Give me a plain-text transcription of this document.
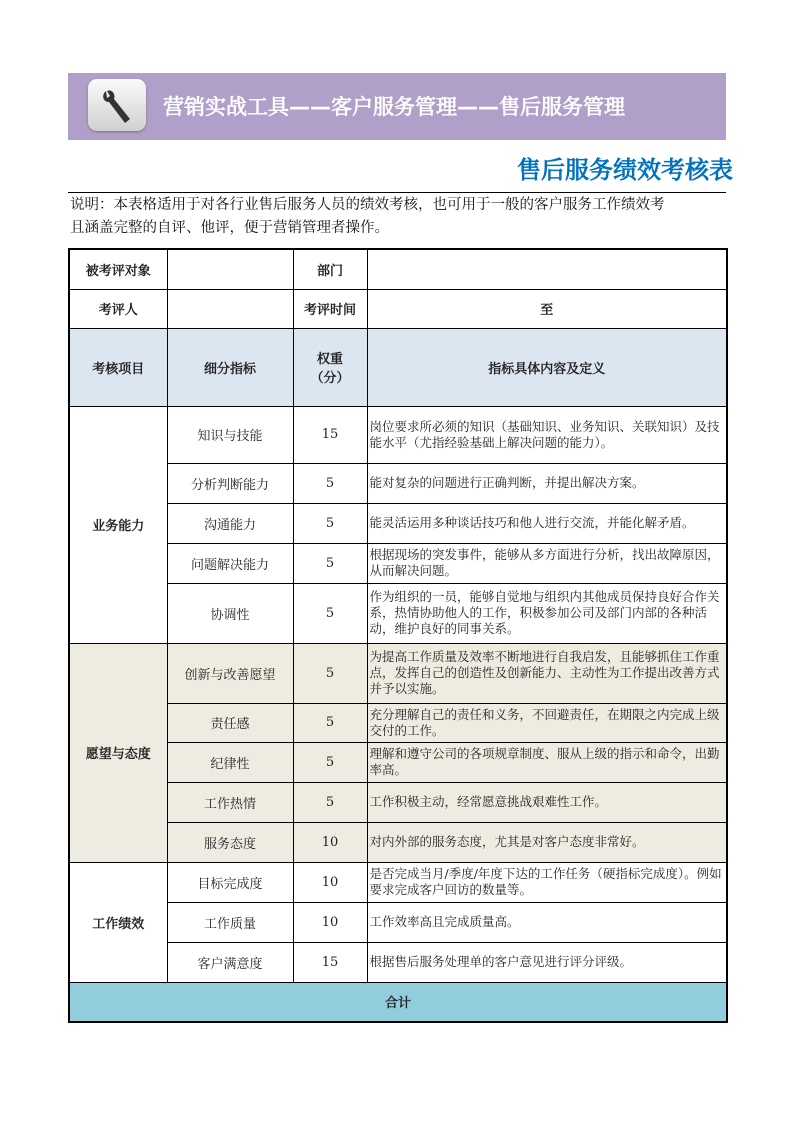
营销实战工具——客户服务管理——售后服务管理
售后服务绩效考核表
说明：本表格适用于对各行业售后服务人员的绩效考核，也可用于一般的客户服务工作绩效考
且涵盖完整的自评、他评，便于营销管理者操作。
被考评对象		部门	
考评人		考评时间	至
考核项目	细分指标	权重（分）	指标具体内容及定义
业务能力	知识与技能	15	岗位要求所必须的知识（基础知识、业务知识、关联知识）及技能水平（尤指经验基础上解决问题的能力）。
	分析判断能力	5	能对复杂的问题进行正确判断，并提出解决方案。
	沟通能力	5	能灵活运用多种谈话技巧和他人进行交流，并能化解矛盾。
	问题解决能力	5	根据现场的突发事件，能够从多方面进行分析，找出故障原因，从而解决问题。
	协调性	5	作为组织的一员，能够自觉地与组织内其他成员保持良好合作关系，热情协助他人的工作，积极参加公司及部门内部的各种活动，维护良好的同事关系。
愿望与态度	创新与改善愿望	5	为提高工作质量及效率不断地进行自我启发，且能够抓住工作重点，发挥自己的创造性及创新能力、主动性为工作提出改善方式并予以实施。
	责任感	5	充分理解自己的责任和义务，不回避责任，在期限之内完成上级交付的工作。
	纪律性	5	理解和遵守公司的各项规章制度、服从上级的指示和命令，出勤率高。
	工作热情	5	工作积极主动，经常愿意挑战艰难性工作。
	服务态度	10	对内外部的服务态度，尤其是对客户态度非常好。
工作绩效	目标完成度	10	是否完成当月/季度/年度下达的工作任务（硬指标完成度）。例如要求完成客户回访的数量等。
	工作质量	10	工作效率高且完成质量高。
	客户满意度	15	根据售后服务处理单的客户意见进行评分评级。
合计			
